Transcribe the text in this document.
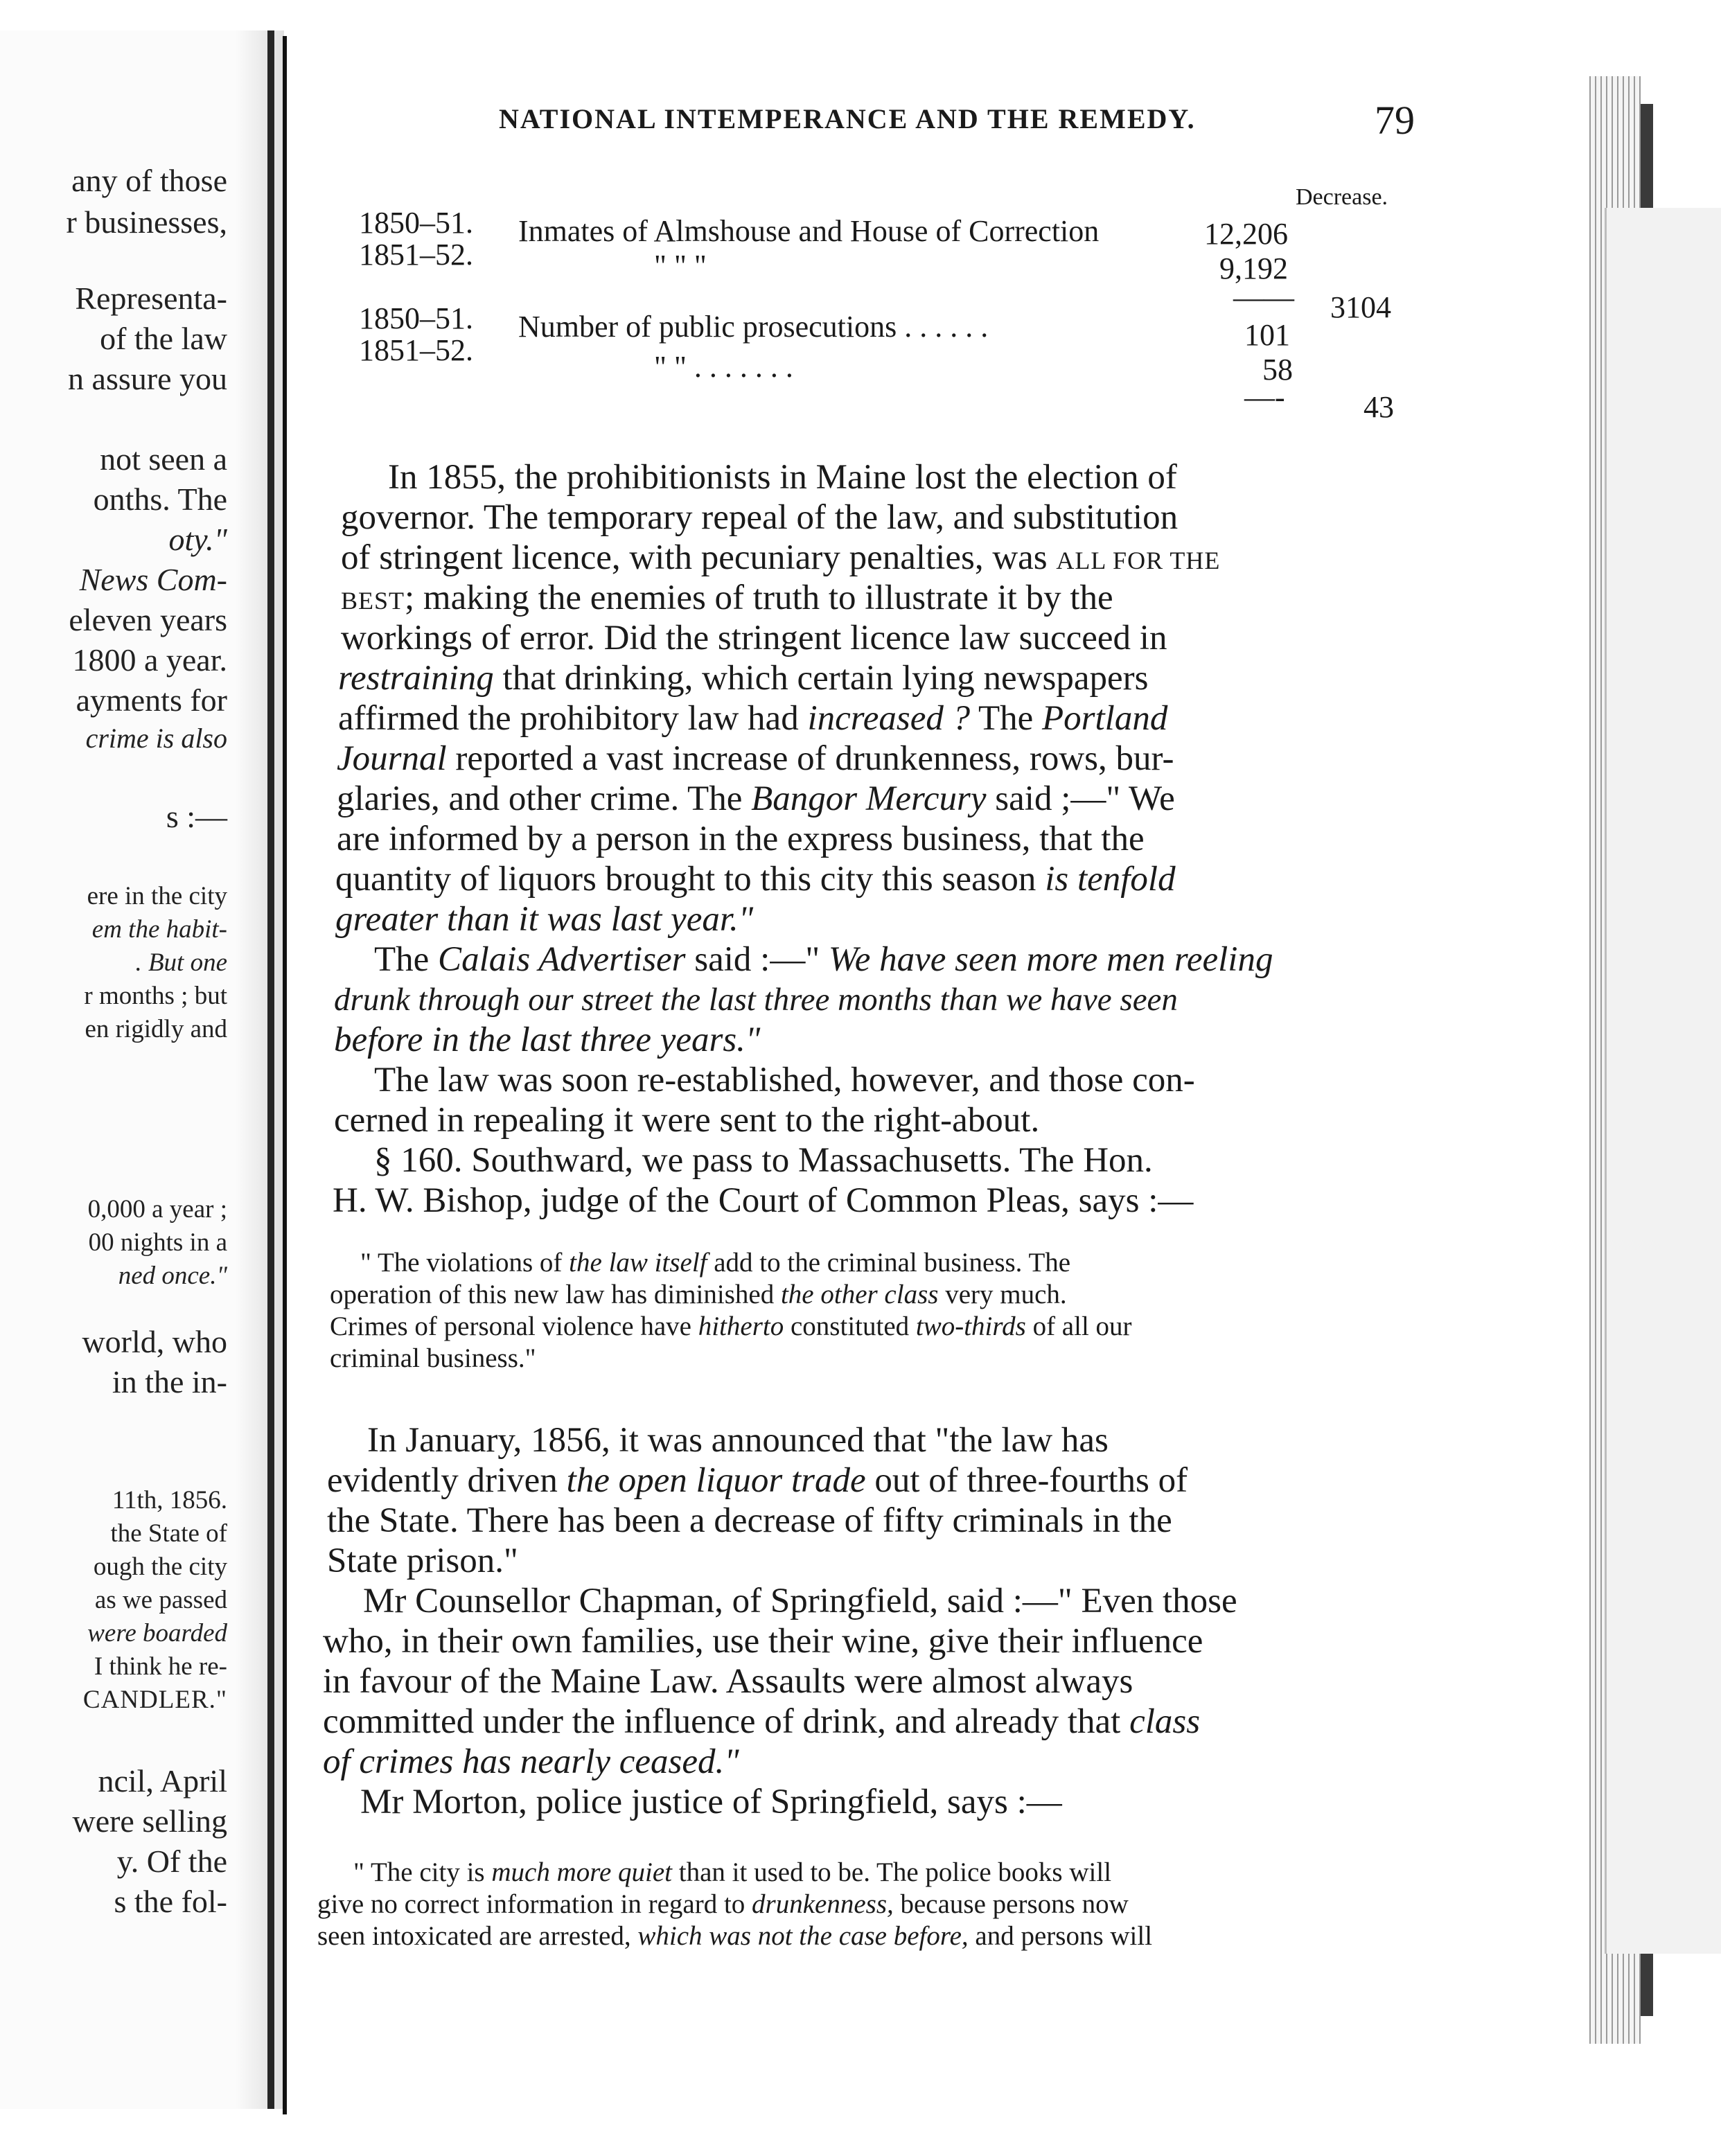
any of those
r businesses,
Representa-
of the law
n assure you
not seen a
onths. The
oty."
News Com-
eleven years
1800 a year.
ayments for
crime is also
s :—
ere in the city
em the habit-
. But one
r months ; but
en rigidly and
0,000 a year ;
00 nights in a
ned once."
world, who
in the in-
11th, 1856.
the State of
ough the city
as we passed
were boarded
I think he re-
CANDLER."
ncil, April
were selling
y. Of the
s the fol-
NATIONAL INTEMPERANCE AND THE REMEDY.	79
Decrease.
1850–51. Inmates of Almshouse and House of Correction	12,206
1851–52.	" " "	9,192
—— 3104
1850–51. Number of public prosecutions . . . . . .	101
1851–52.	" " . . . . . . .	58
—-	43
In 1855, the prohibitionists in Maine lost the election of
governor. The temporary repeal of the law, and substitution
of stringent licence, with pecuniary penalties, was ALL FOR THE
BEST; making the enemies of truth to illustrate it by the
workings of error. Did the stringent licence law succeed in
restraining that drinking, which certain lying newspapers
affirmed the prohibitory law had increased ? The Portland
Journal reported a vast increase of drunkenness, rows, bur-
glaries, and other crime. The Bangor Mercury said ;—" We
are informed by a person in the express business, that the
quantity of liquors brought to this city this season is tenfold
greater than it was last year."
The Calais Advertiser said :—" We have seen more men reeling
drunk through our street the last three months than we have seen
before in the last three years."
The law was soon re-established, however, and those con-
cerned in repealing it were sent to the right-about.
§ 160. Southward, we pass to Massachusetts. The Hon.
H. W. Bishop, judge of the Court of Common Pleas, says :—
" The violations of the law itself add to the criminal business. The
operation of this new law has diminished the other class very much.
Crimes of personal violence have hitherto constituted two-thirds of all our
criminal business."
In January, 1856, it was announced that "the law has
evidently driven the open liquor trade out of three-fourths of
the State. There has been a decrease of fifty criminals in the
State prison."
Mr Counsellor Chapman, of Springfield, said :—" Even those
who, in their own families, use their wine, give their influence
in favour of the Maine Law. Assaults were almost always
committed under the influence of drink, and already that class
of crimes has nearly ceased."
Mr Morton, police justice of Springfield, says :—
" The city is much more quiet than it used to be. The police books will
give no correct information in regard to drunkenness, because persons now
seen intoxicated are arrested, which was not the case before, and persons will
